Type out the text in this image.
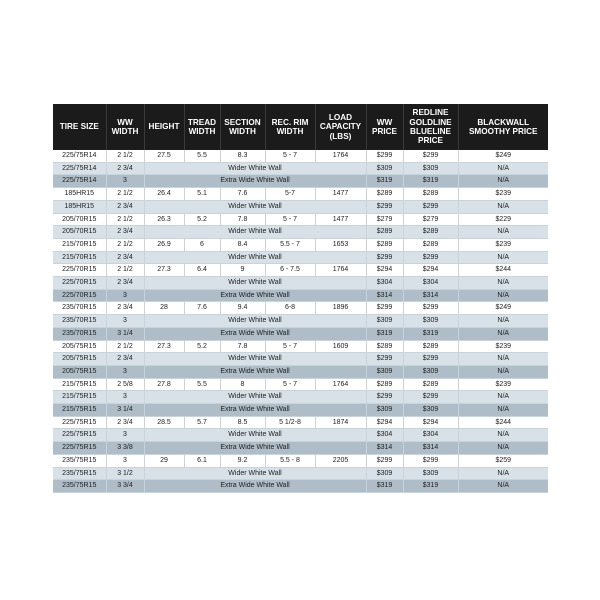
TIRE SIZE	WW WIDTH	HEIGHT	TREAD WIDTH	SECTION WIDTH	REC. RIM WIDTH	LOAD CAPACITY (LBS)	WW PRICE	REDLINE GOLDLINE BLUELINE PRICE	BLACKWALL SMOOTHY PRICE
225/75R14	2 1/2	27.5	5.5	8.3	5 - 7	1764	$299	$299	$249
225/75R14	2 3/4	Wider White Wall					$309	$309	N/A
225/75R14	3	Extra Wide White Wall					$319	$319	N/A
185HR15	2 1/2	26.4	5.1	7.6	5-7	1477	$289	$289	$239
185HR15	2 3/4	Wider White Wall					$299	$299	N/A
205/70R15	2 1/2	26.3	5.2	7.8	5 - 7	1477	$279	$279	$229
205/70R15	2 3/4	Wider White Wall					$289	$289	N/A
215/70R15	2 1/2	26.9	6	8.4	5.5 - 7	1653	$289	$289	$239
215/70R15	2 3/4	Wider White Wall					$299	$299	N/A
225/70R15	2 1/2	27.3	6.4	9	6 - 7.5	1764	$294	$294	$244
225/70R15	2 3/4	Wider White Wall					$304	$304	N/A
225/70R15	3	Extra Wide White Wall					$314	$314	N/A
235/70R15	2 3/4	28	7.6	9.4	6-8	1896	$299	$299	$249
235/70R15	3	Wider White Wall					$309	$309	N/A
235/70R15	3 1/4	Extra Wide White Wall					$319	$319	N/A
205/75R15	2 1/2	27.3	5.2	7.8	5 - 7	1609	$289	$289	$239
205/75R15	2 3/4	Wider White Wall					$299	$299	N/A
205/75R15	3	Extra Wide White Wall					$309	$309	N/A
215/75R15	2 5/8	27.8	5.5	8	5 - 7	1764	$289	$289	$239
215/75R15	3	Wider White Wall					$299	$299	N/A
215/75R15	3 1/4	Extra Wide White Wall					$309	$309	N/A
225/75R15	2 3/4	28.5	5.7	8.5	5 1/2-8	1874	$294	$294	$244
225/75R15	3	Wider White Wall					$304	$304	N/A
225/75R15	3 3/8	Extra Wide White Wall					$314	$314	N/A
235/75R15	3	29	6.1	9.2	5.5 - 8	2205	$299	$299	$259
235/75R15	3 1/2	Wider White Wall					$309	$309	N/A
235/75R15	3 3/4	Extra Wide White Wall					$319	$319	N/A
